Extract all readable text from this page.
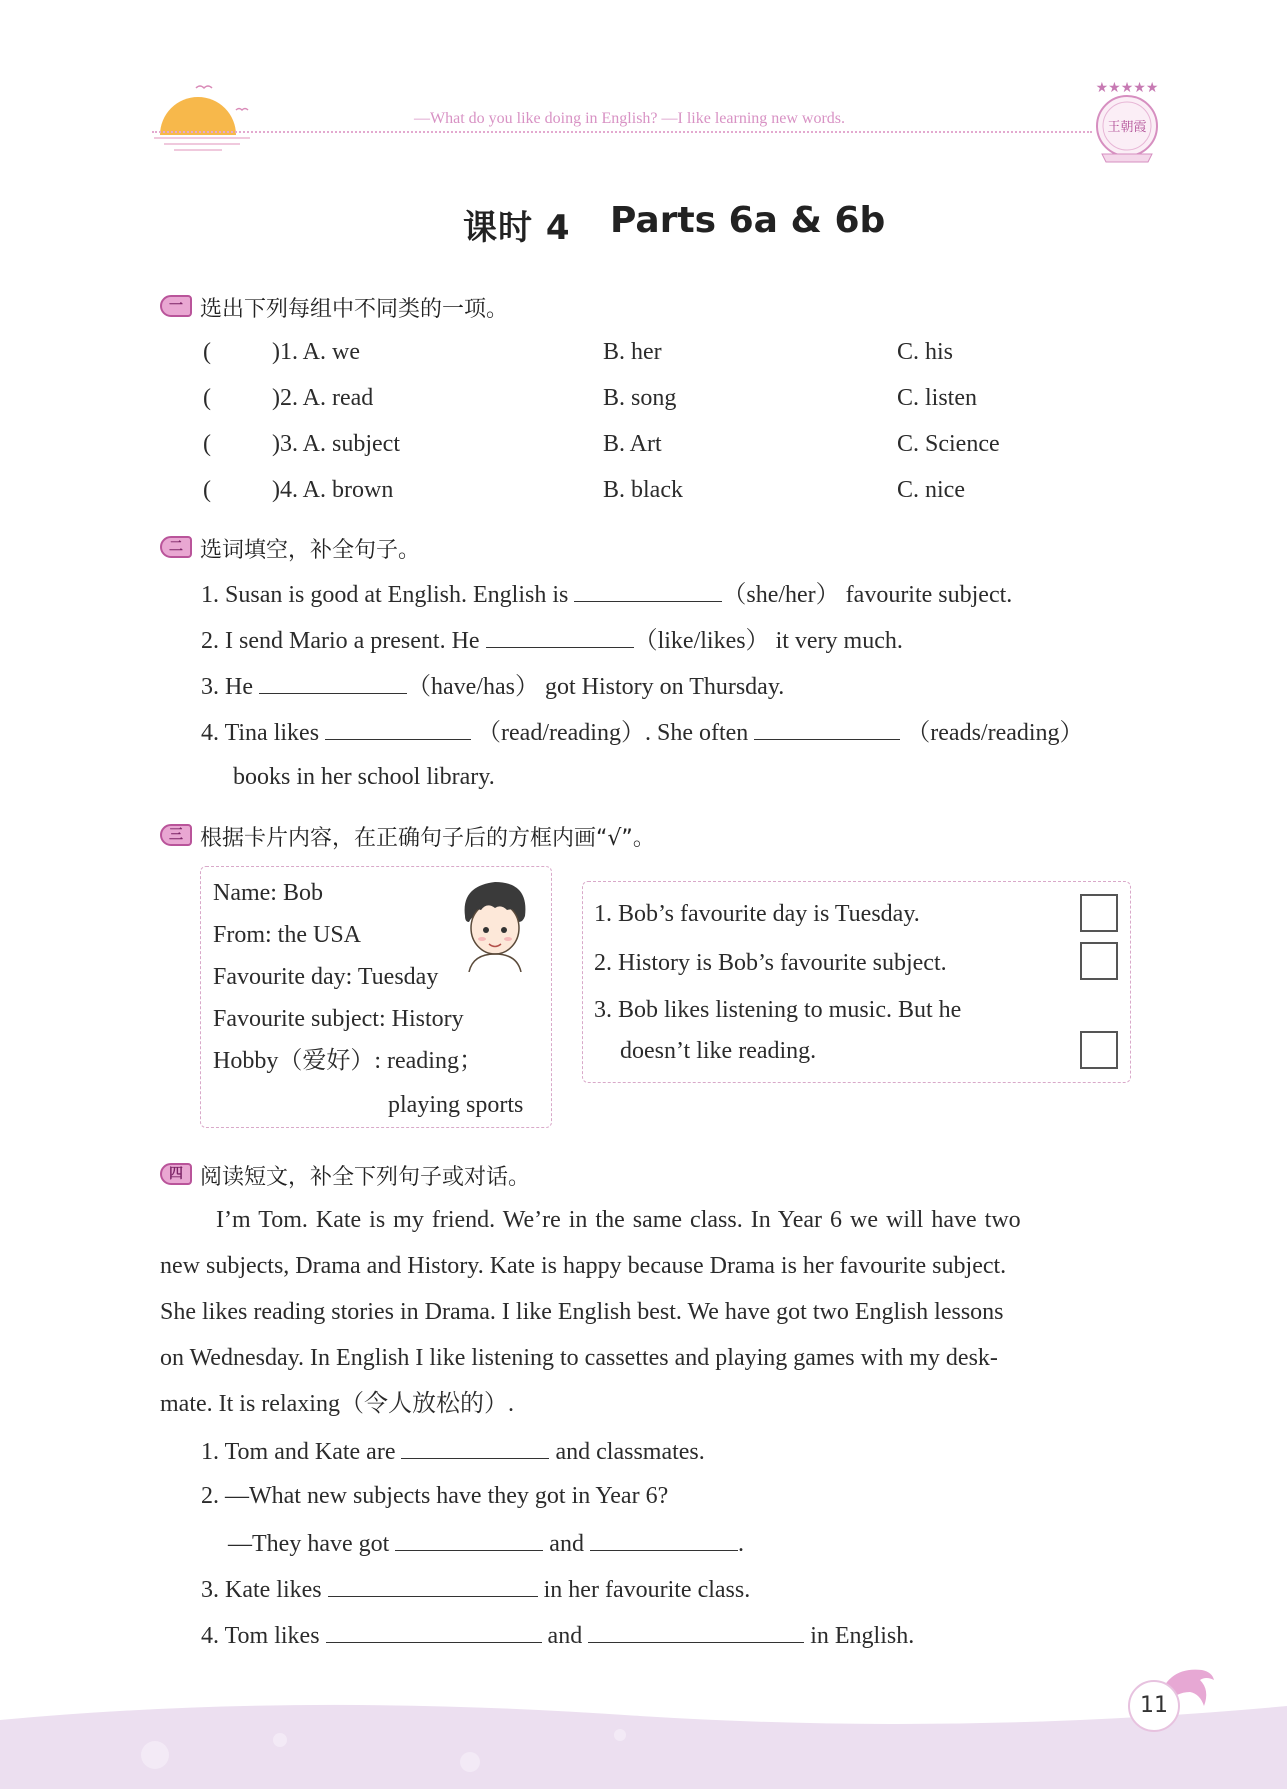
—What do you like doing in English? —I like learning new words.
★★★★★
王朝霞
课时 4 Parts 6a & 6b
一 选出下列每组中不同类的一项。
(	)1. A. we	B. her	C. his
(	)2. A. read	B. song	C. listen
(	)3. A. subject	B. Art	C. Science
(	)4. A. brown	B. black	C. nice
二 选词填空，补全句子。
1. Susan is good at English. English is	（she/her） favourite subject.
2. I send Mario a present. He	（like/likes） it very much.
3. He	（have/has） got History on Thursday.
4. Tina likes	（read/reading）. She often	（reads/reading）
books in her school library.
三 根据卡片内容，在正确句子后的方框内画“√”。
Name: Bob
From: the USA
Favourite day: Tuesday
Favourite subject: History
Hobby（爱好）: reading；
playing sports
1. Bob’s favourite day is Tuesday.
2. History is Bob’s favourite subject.
3. Bob likes listening to music. But he
doesn’t like reading.
四 阅读短文，补全下列句子或对话。
I’m Tom. Kate is my friend. We’re in the same class. In Year 6 we will have two
new subjects, Drama and History. Kate is happy because Drama is her favourite subject.
She likes reading stories in Drama. I like English best. We have got two English lessons
on Wednesday. In English I like listening to cassettes and playing games with my desk-
mate. It is relaxing（令人放松的）.
1. Tom and Kate are	and classmates.
2. —What new subjects have they got in Year 6?
—They have got	and	.
3. Kate likes	in her favourite class.
4. Tom likes	and	in English.
11
